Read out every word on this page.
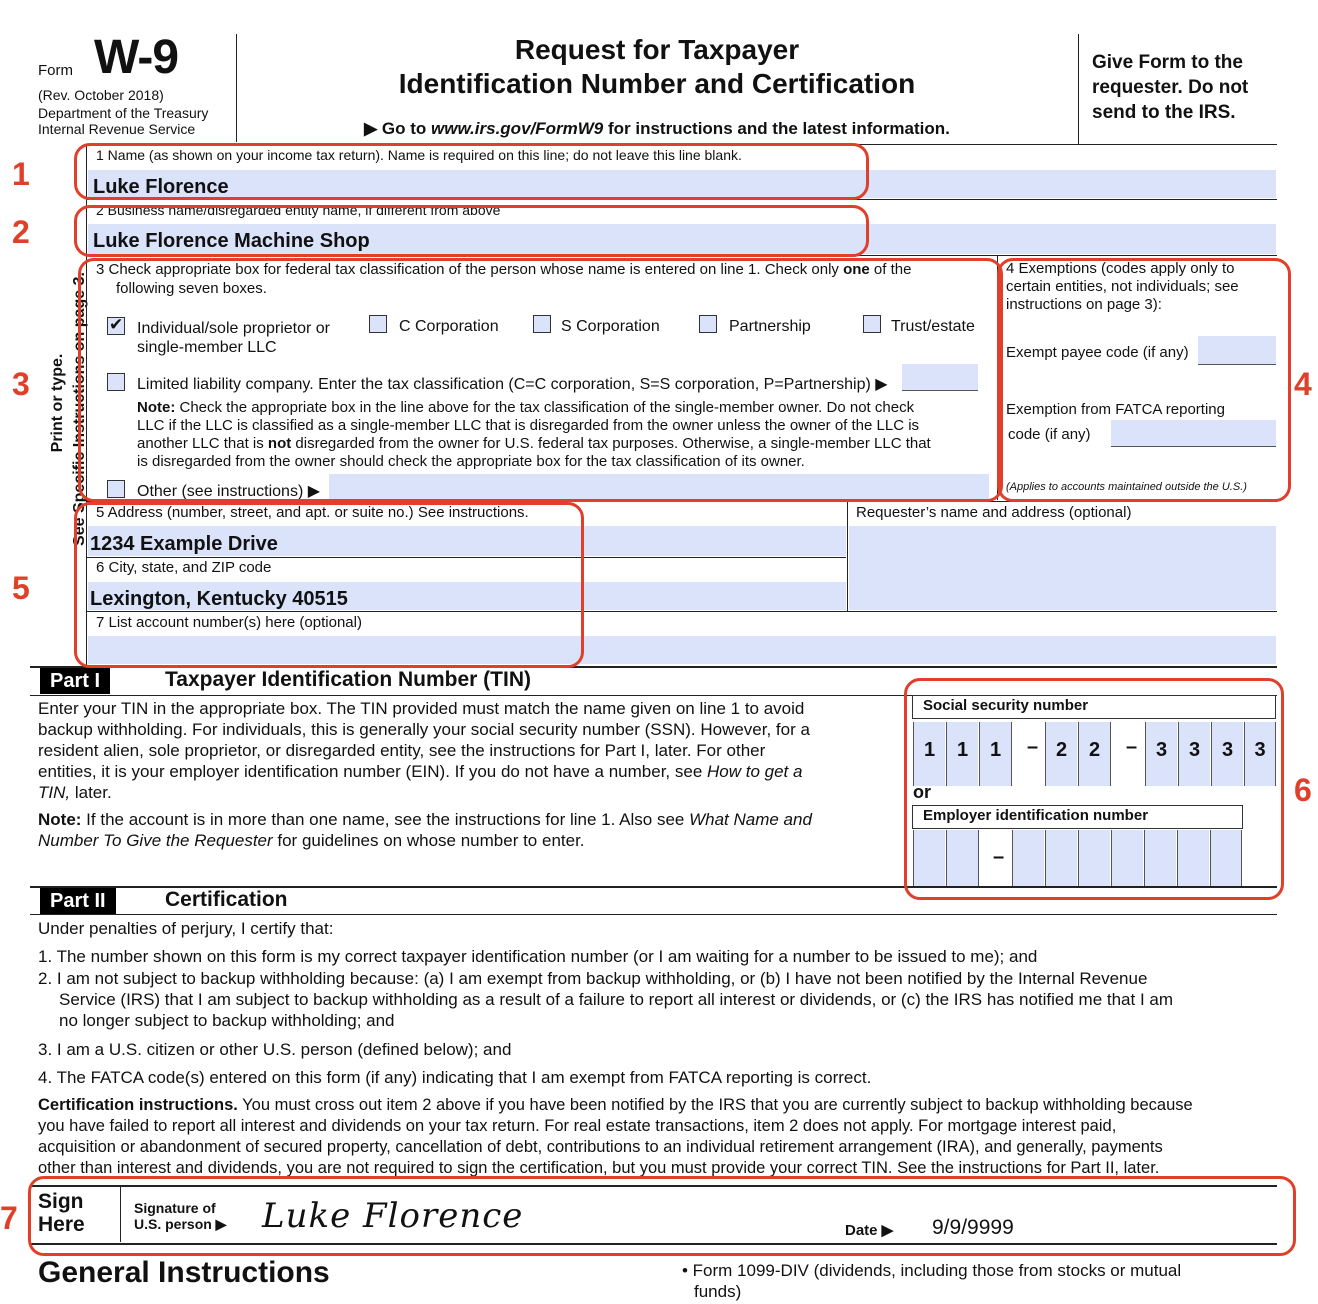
Form W-9
(Rev. October 2018)
Department of the Treasury
Internal Revenue Service
Request for Taxpayer
Identification Number and Certification
▶ Go to www.irs.gov/FormW9 for instructions and the latest information.
Give Form to the requester. Do not send to the IRS.
Print or type. See Specific Instructions on page 3.
1 Name (as shown on your income tax return). Name is required on this line; do not leave this line blank.
Luke Florence
2 Business name/disregarded entity name, if different from above
Luke Florence Machine Shop
3 Check appropriate box for federal tax classification of the person whose name is entered on line 1. Check only one of the
following seven boxes.
✔ Individual/sole proprietor or
single-member LLC
C Corporation	S Corporation	Partnership	Trust/estate
Limited liability company. Enter the tax classification (C=C corporation, S=S corporation, P=Partnership) ▶
Note: Check the appropriate box in the line above for the tax classification of the single-member owner. Do not check
LLC if the LLC is classified as a single-member LLC that is disregarded from the owner unless the owner of the LLC is
another LLC that is not disregarded from the owner for U.S. federal tax purposes. Otherwise, a single-member LLC that
is disregarded from the owner should check the appropriate box for the tax classification of its owner.
Other (see instructions) ▶
4 Exemptions (codes apply only to
certain entities, not individuals; see
instructions on page 3):
Exempt payee code (if any)
Exemption from FATCA reporting
code (if any)
(Applies to accounts maintained outside the U.S.)
5 Address (number, street, and apt. or suite no.) See instructions.
1234 Example Drive
6 City, state, and ZIP code
Lexington, Kentucky 40515
Requester’s name and address (optional)
7 List account number(s) here (optional)
Part I	Taxpayer Identification Number (TIN)
Enter your TIN in the appropriate box. The TIN provided must match the name given on line 1 to avoid
backup withholding. For individuals, this is generally your social security number (SSN). However, for a
resident alien, sole proprietor, or disregarded entity, see the instructions for Part I, later. For other
entities, it is your employer identification number (EIN). If you do not have a number, see How to get a
TIN, later.
Note: If the account is in more than one name, see the instructions for line 1. Also see What Name and
Number To Give the Requester for guidelines on whose number to enter.
Social security number
1	1	1	– 2	2	– 3	3	3	3
or
Employer identification number
–
Part II	Certification
Under penalties of perjury, I certify that:
1. The number shown on this form is my correct taxpayer identification number (or I am waiting for a number to be issued to me); and
2. I am not subject to backup withholding because: (a) I am exempt from backup withholding, or (b) I have not been notified by the Internal Revenue
Service (IRS) that I am subject to backup withholding as a result of a failure to report all interest or dividends, or (c) the IRS has notified me that I am
no longer subject to backup withholding; and
3. I am a U.S. citizen or other U.S. person (defined below); and
4. The FATCA code(s) entered on this form (if any) indicating that I am exempt from FATCA reporting is correct.
Certification instructions. You must cross out item 2 above if you have been notified by the IRS that you are currently subject to backup withholding because
you have failed to report all interest and dividends on your tax return. For real estate transactions, item 2 does not apply. For mortgage interest paid,
acquisition or abandonment of secured property, cancellation of debt, contributions to an individual retirement arrangement (IRA), and generally, payments
other than interest and dividends, you are not required to sign the certification, but you must provide your correct TIN. See the instructions for Part II, later.
Sign
Here
Signature of
U.S. person ▶ Luke Florence	Date ▶ 9/9/9999
General Instructions	• Form 1099-DIV (dividends, including those from stocks or mutual
funds)
1
2
3	4
5
6
7
